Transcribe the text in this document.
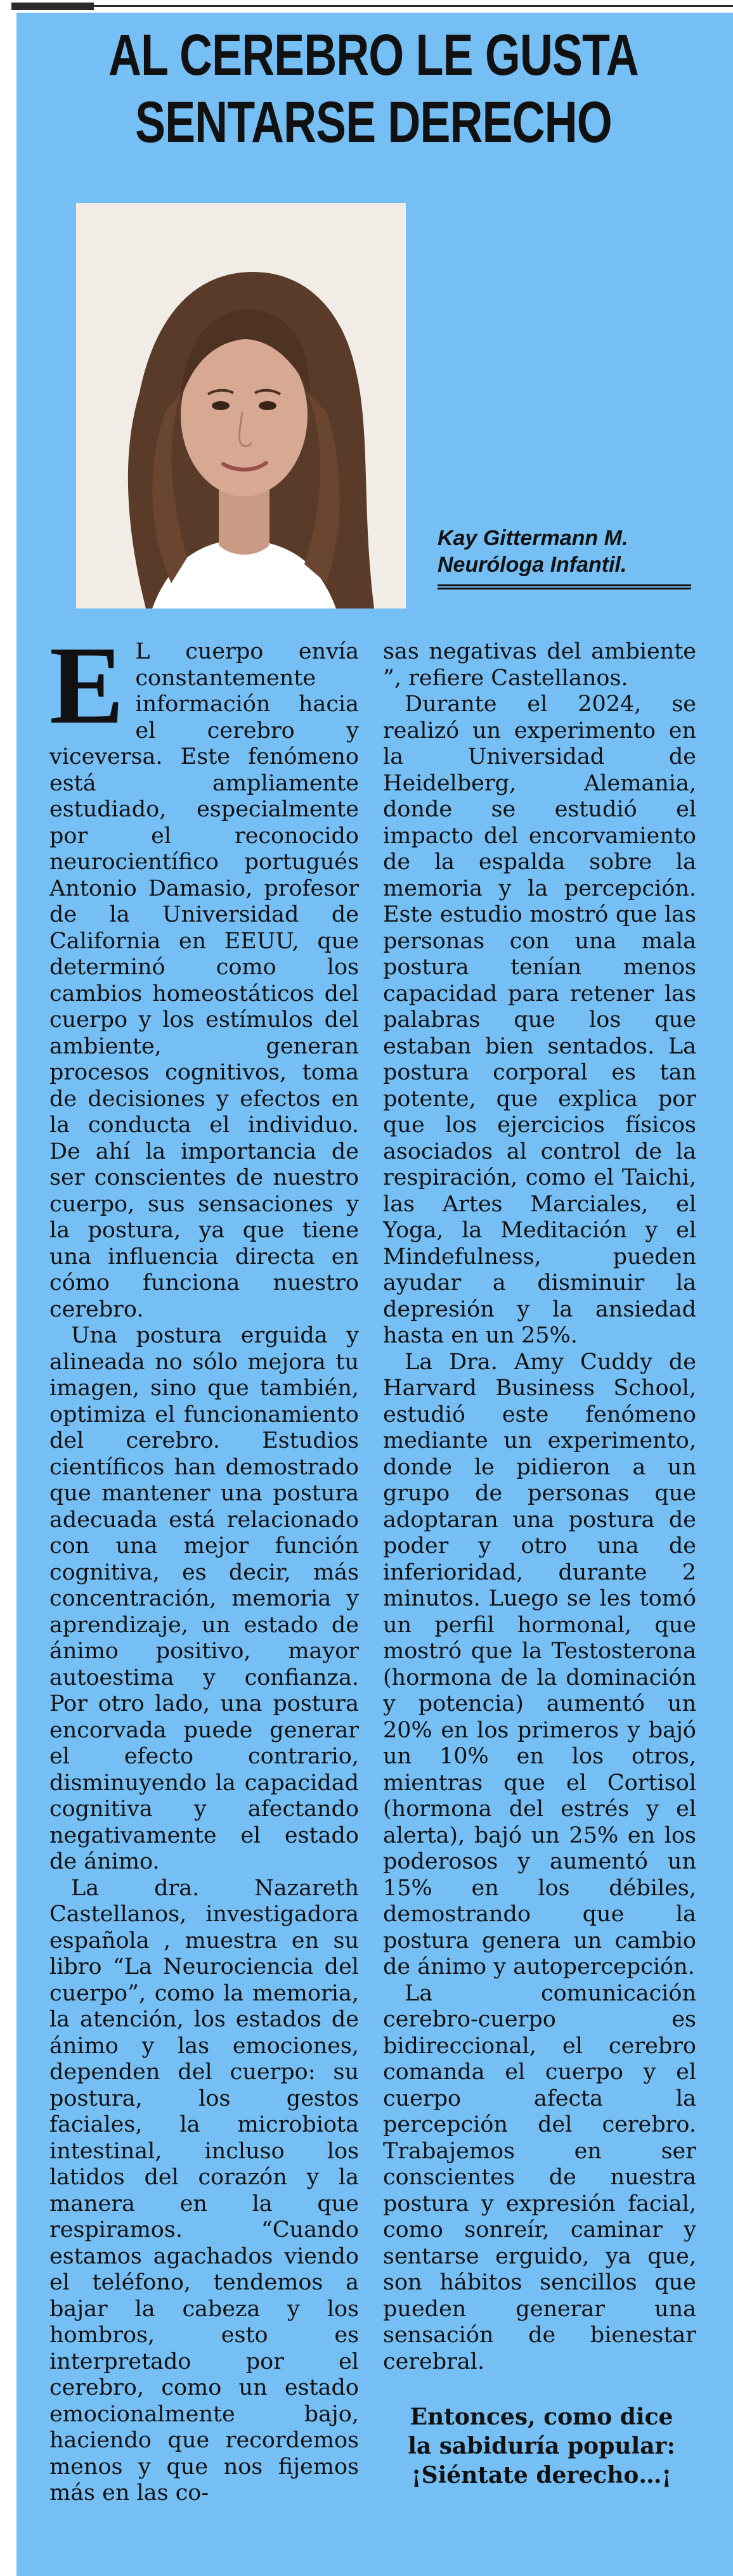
AL CEREBRO LE GUSTA
SENTARSE DERECHO
Kay Gittermann M.
Neuróloga Infantil.

E L cuerpo envía constantemente información hacia el cerebro y viceversa. Este fenómeno está ampliamente estudiado, especialmente por el reconocido neurocientífico portugués Antonio Damasio, profesor de la Universidad de California en EEUU, que determinó como los cambios homeostáticos del cuerpo y los estímulos del ambiente, generan procesos cognitivos, toma de decisiones y efectos en la conducta el individuo. De ahí la importancia de ser conscientes de nuestro cuerpo, sus sensaciones y la postura, ya que tiene una influencia directa en cómo funciona nuestro cerebro.

Una postura erguida y alineada no sólo mejora tu imagen, sino que también, optimiza el funcionamiento del cerebro. Estudios científicos han demostrado que mantener una postura adecuada está relacionado con una mejor función cognitiva, es decir, más concentración, memoria y aprendizaje, un estado de ánimo positivo, mayor autoestima y confianza. Por otro lado, una postura encorvada puede generar el efecto contrario, disminuyendo la capacidad cognitiva y afectando negativamente el estado de ánimo.

La dra. Nazareth Castellanos, investigadora española , muestra en su libro “La Neurociencia del cuerpo”, como la memoria, la atención, los estados de ánimo y las emociones, dependen del cuerpo: su postura, los gestos faciales, la microbiota intestinal, incluso los latidos del corazón y la manera en la que respiramos. “Cuando estamos agachados viendo el teléfono, tendemos a bajar la cabeza y los hombros, esto es interpretado por el cerebro, como un estado emocionalmente bajo, haciendo que recordemos menos y que nos fijemos más en las co-

sas negativas del ambiente ”, refiere Castellanos.

Durante el 2024, se realizó un experimento en la Universidad de Heidelberg, Alemania, donde se estudió el impacto del encorvamiento de la espalda sobre la memoria y la percepción. Este estudio mostró que las personas con una mala postura tenían menos capacidad para retener las palabras que los que estaban bien sentados. La postura corporal es tan potente, que explica por que los ejercicios físicos asociados al control de la respiración, como el Taichi, las Artes Marciales, el Yoga, la Meditación y el Mindefulness, pueden ayudar a disminuir la depresión y la ansiedad hasta en un 25%.

La Dra. Amy Cuddy de Harvard Business School, estudió este fenómeno mediante un experimento, donde le pidieron a un grupo de personas que adoptaran una postura de poder y otro una de inferioridad, durante 2 minutos. Luego se les tomó un perfil hormonal, que mostró que la Testosterona (hormona de la dominación y potencia) aumentó un 20% en los primeros y bajó un 10% en los otros, mientras que el Cortisol (hormona del estrés y el alerta), bajó un 25% en los poderosos y aumentó un 15% en los débiles, demostrando que la postura genera un cambio de ánimo y autopercepción.

La comunicación cerebro-cuerpo es bidireccional, el cerebro comanda el cuerpo y el cuerpo afecta la percepción del cerebro. Trabajemos en ser conscientes de nuestra postura y expresión facial, como sonreír, caminar y sentarse erguido, ya que, son hábitos sencillos que pueden generar una sensación de bienestar cerebral.

Entonces, como dice
la sabiduría popular:
¡Siéntate derecho…¡
